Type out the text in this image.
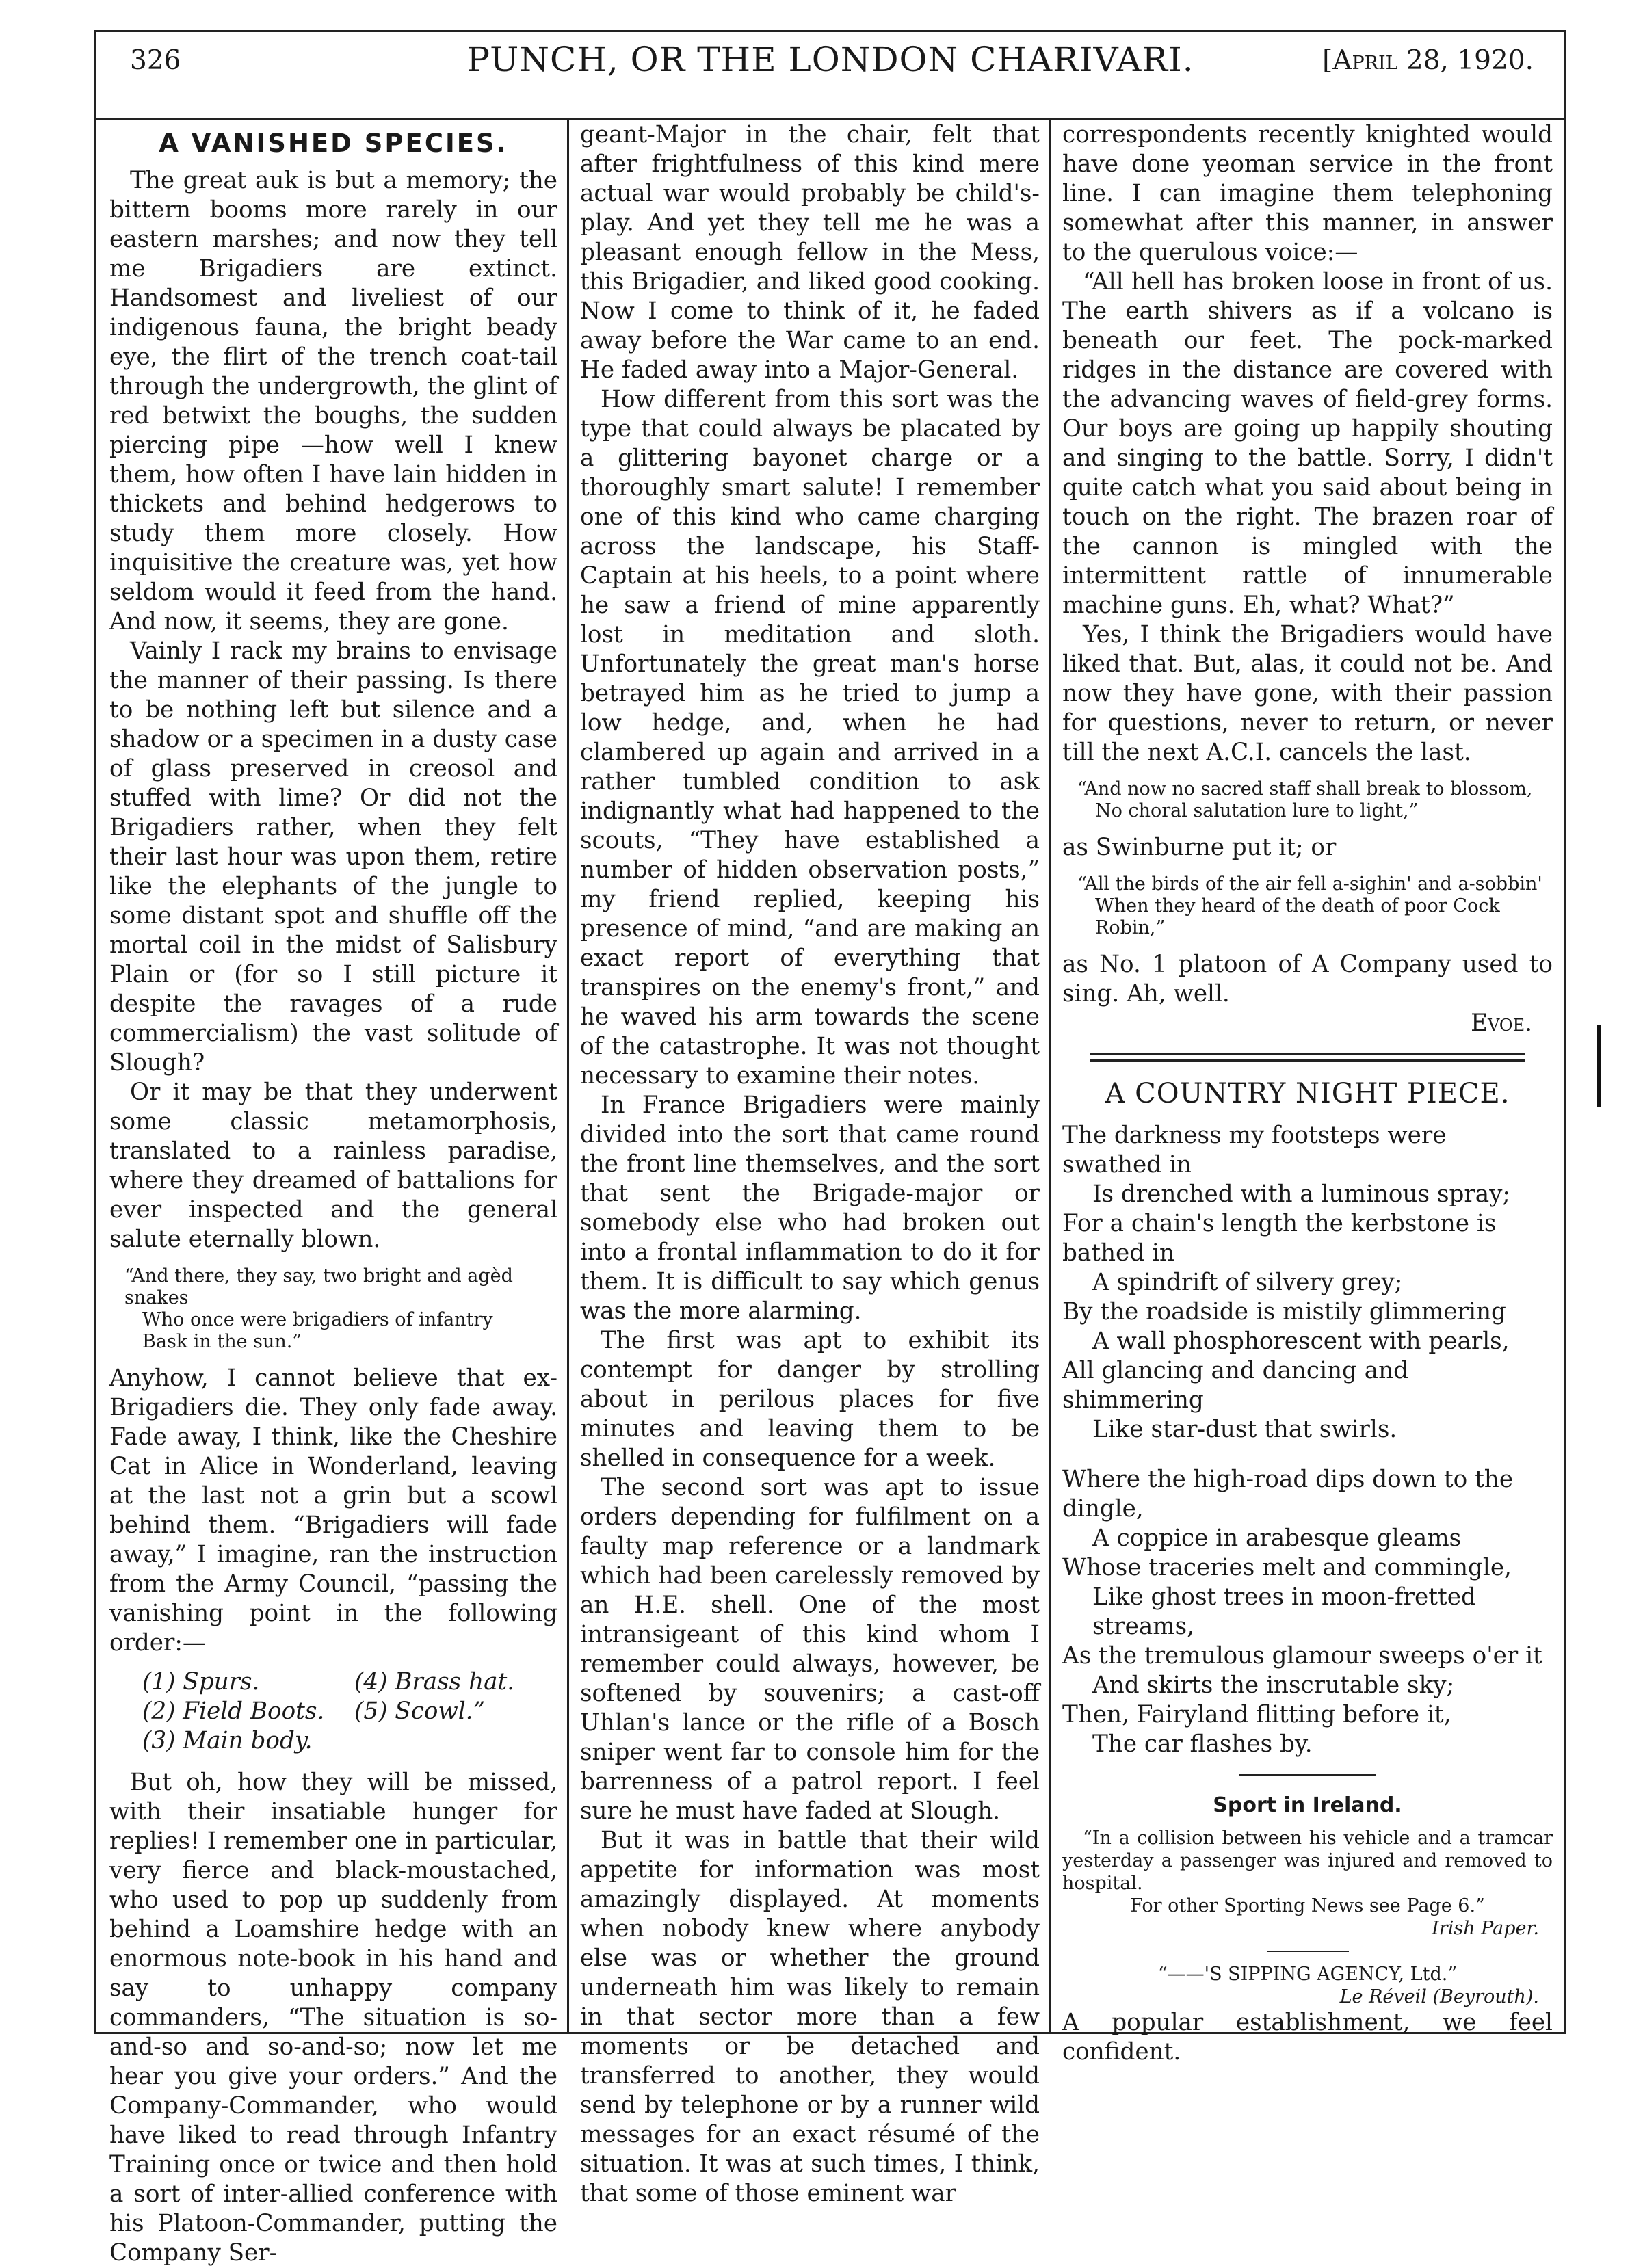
326	PUNCH, OR THE LONDON CHARIVARI.	[April 28, 1920.
A VANISHED SPECIES.

The great auk is but a memory; the bittern booms more rarely in our eastern marshes; and now they tell me Brigadiers are extinct. Handsomest and liveliest of our indigenous fauna, the bright beady eye, the flirt of the trench coat-tail through the undergrowth, the glint of red betwixt the boughs, the sudden piercing pipe —how well I knew them, how often I have lain hidden in thickets and behind hedgerows to study them more closely. How inquisitive the creature was, yet how seldom would it feed from the hand. And now, it seems, they are gone.

Vainly I rack my brains to envisage the manner of their passing. Is there to be nothing left but silence and a shadow or a specimen in a dusty case of glass preserved in creosol and stuffed with lime? Or did not the Brigadiers rather, when they felt their last hour was upon them, retire like the elephants of the jungle to some distant spot and shuffle off the mortal coil in the midst of Salisbury Plain or (for so I still picture it despite the ravages of a rude commercialism) the vast solitude of Slough?

Or it may be that they underwent some classic metamorphosis, translated to a rainless paradise, where they dreamed of battalions for ever inspected and the general salute eternally blown.

“And there, they say, two bright and agèd snakes
Who once were brigadiers of infantry
Bask in the sun.”

Anyhow, I cannot believe that ex-Brigadiers die. They only fade away. Fade away, I think, like the Cheshire Cat in Alice in Wonderland, leaving at the last not a grin but a scowl behind them. “Brigadiers will fade away,” I imagine, ran the instruction from the Army Council, “passing the vanishing point in the following order:—

(1) Spurs.	(4) Brass hat.
(2) Field Boots.	(5) Scowl.”
(3) Main body.

But oh, how they will be missed, with their insatiable hunger for replies! I remember one in particular, very fierce and black-moustached, who used to pop up suddenly from behind a Loamshire hedge with an enormous note-book in his hand and say to unhappy company commanders, “The situation is so-and-so and so-and-so; now let me hear you give your orders.” And the Company-Commander, who would have liked to read through Infantry Training once or twice and then hold a sort of inter-allied conference with his Platoon-Commander, putting the Company Ser-

geant-Major in the chair, felt that after frightfulness of this kind mere actual war would probably be child's-play. And yet they tell me he was a pleasant enough fellow in the Mess, this Brigadier, and liked good cooking. Now I come to think of it, he faded away before the War came to an end. He faded away into a Major-General.

How different from this sort was the type that could always be placated by a glittering bayonet charge or a thoroughly smart salute! I remember one of this kind who came charging across the landscape, his Staff-Captain at his heels, to a point where he saw a friend of mine apparently lost in meditation and sloth. Unfortunately the great man's horse betrayed him as he tried to jump a low hedge, and, when he had clambered up again and arrived in a rather tumbled condition to ask indignantly what had happened to the scouts, “They have established a number of hidden observation posts,” my friend replied, keeping his presence of mind, “and are making an exact report of everything that transpires on the enemy's front,” and he waved his arm towards the scene of the catastrophe. It was not thought necessary to examine their notes.

In France Brigadiers were mainly divided into the sort that came round the front line themselves, and the sort that sent the Brigade-major or somebody else who had broken out into a frontal inflammation to do it for them. It is difficult to say which genus was the more alarming.

The first was apt to exhibit its contempt for danger by strolling about in perilous places for five minutes and leaving them to be shelled in consequence for a week.

The second sort was apt to issue orders depending for fulfilment on a faulty map reference or a landmark which had been carelessly removed by an H.E. shell. One of the most intransigeant of this kind whom I remember could always, however, be softened by souvenirs; a cast-off Uhlan's lance or the rifle of a Bosch sniper went far to console him for the barrenness of a patrol report. I feel sure he must have faded at Slough.

But it was in battle that their wild appetite for information was most amazingly displayed. At moments when nobody knew where anybody else was or whether the ground underneath him was likely to remain in that sector more than a few moments or be detached and transferred to another, they would send by telephone or by a runner wild messages for an exact résumé of the situation. It was at such times, I think, that some of those eminent war

correspondents recently knighted would have done yeoman service in the front line. I can imagine them telephoning somewhat after this manner, in answer to the querulous voice:—

“All hell has broken loose in front of us. The earth shivers as if a volcano is beneath our feet. The pock-marked ridges in the distance are covered with the advancing waves of field-grey forms. Our boys are going up happily shouting and singing to the battle. Sorry, I didn't quite catch what you said about being in touch on the right. The brazen roar of the cannon is mingled with the intermittent rattle of innumerable machine guns. Eh, what? What?”

Yes, I think the Brigadiers would have liked that. But, alas, it could not be. And now they have gone, with their passion for questions, never to return, or never till the next A.C.I. cancels the last.

“And now no sacred staff shall break to blossom,
No choral salutation lure to light,”

as Swinburne put it; or

“All the birds of the air fell a-sighin' and a-sobbin'
When they heard of the death of poor Cock Robin,”

as No. 1 platoon of A Company used to sing. Ah, well.

Evoe.
A COUNTRY NIGHT PIECE.
The darkness my footsteps were swathed in
Is drenched with a luminous spray;
For a chain's length the kerbstone is bathed in
A spindrift of silvery grey;
By the roadside is mistily glimmering
A wall phosphorescent with pearls,
All glancing and dancing and shimmering
Like star-dust that swirls.
Where the high-road dips down to the dingle,
A coppice in arabesque gleams
Whose traceries melt and commingle,
Like ghost trees in moon-fretted streams,
As the tremulous glamour sweeps o'er it
And skirts the inscrutable sky;
Then, Fairyland flitting before it,
The car flashes by.
Sport in Ireland.

“In a collision between his vehicle and a tramcar yesterday a passenger was injured and removed to hospital.

For other Sporting News see Page 6.”
Irish Paper.
“——'S SIPPING AGENCY, Ltd.”
Le Réveil (Beyrouth).

A popular establishment, we feel confident.
